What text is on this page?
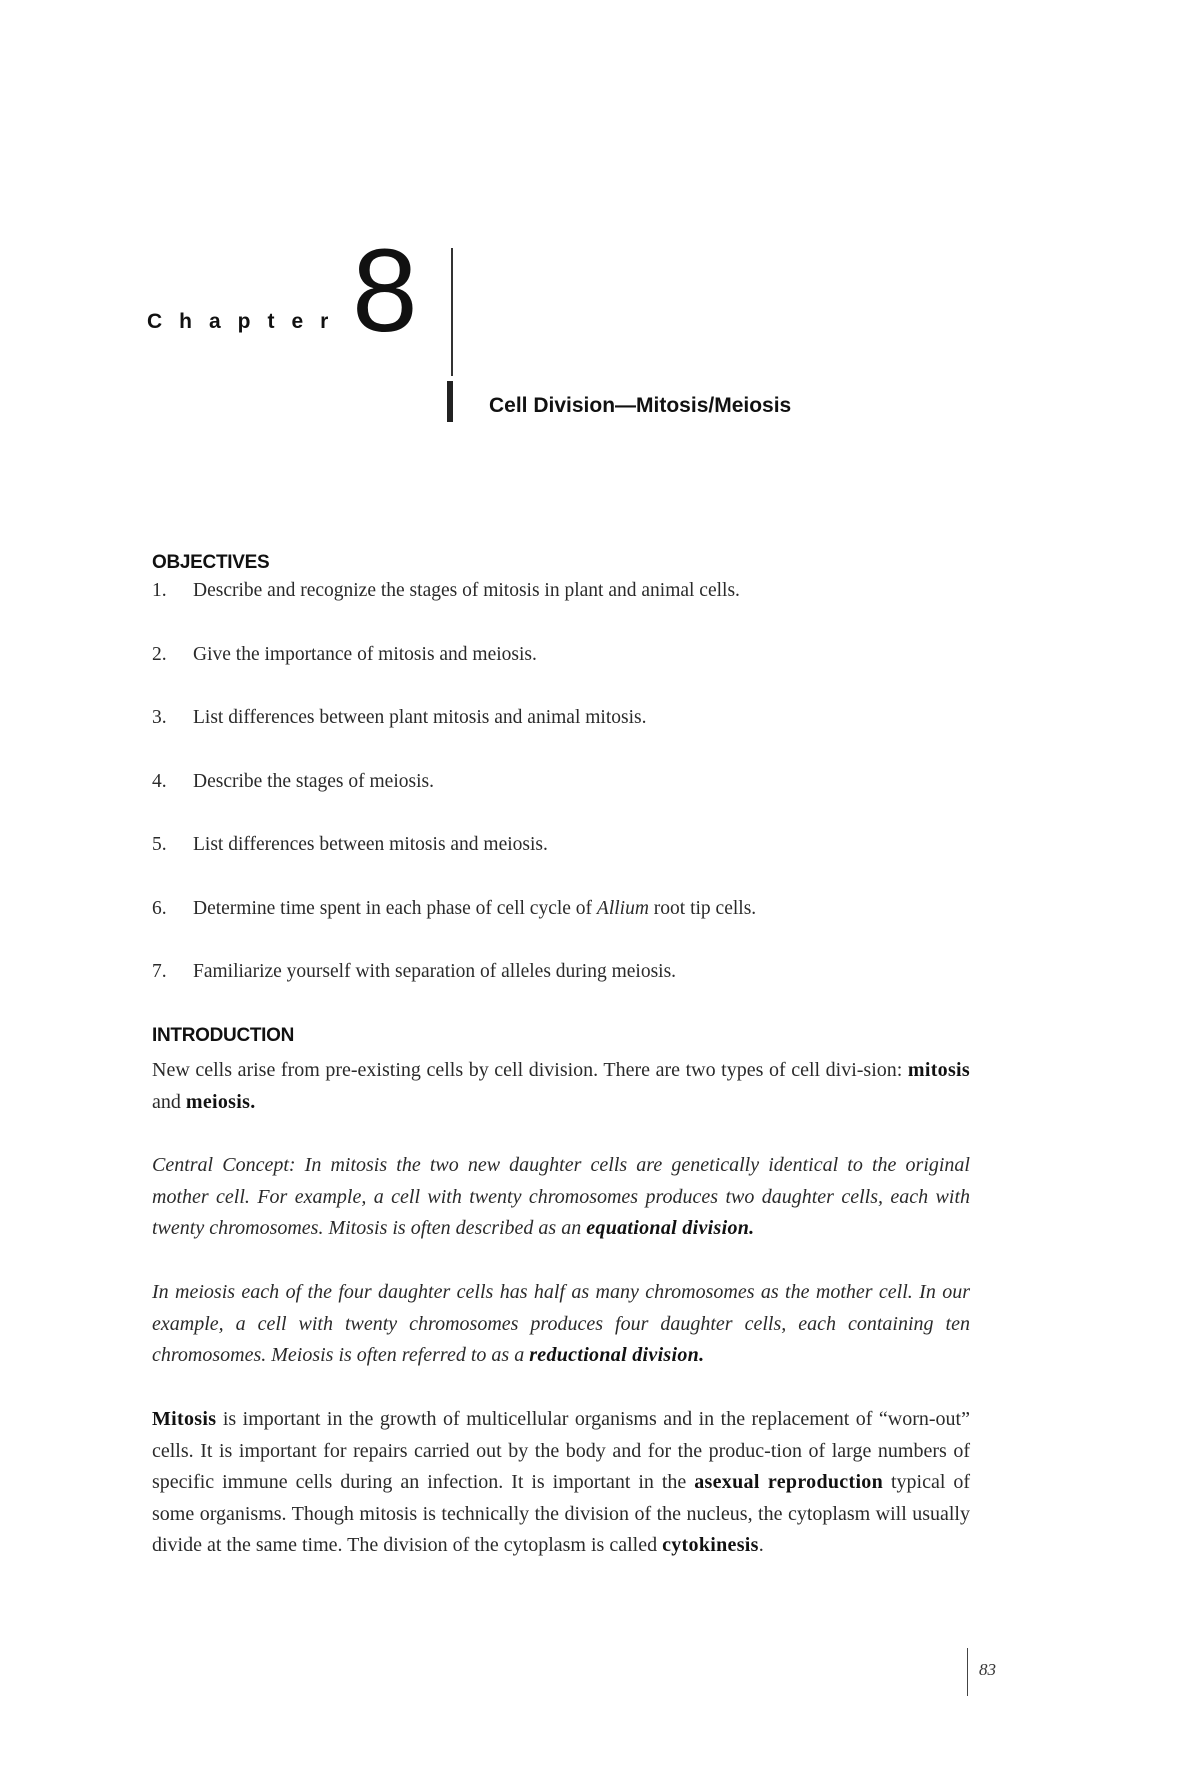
Chapter 8
Cell Division—Mitosis/Meiosis
OBJECTIVES
1. Describe and recognize the stages of mitosis in plant and animal cells.
2. Give the importance of mitosis and meiosis.
3. List differences between plant mitosis and animal mitosis.
4. Describe the stages of meiosis.
5. List differences between mitosis and meiosis.
6. Determine time spent in each phase of cell cycle of Allium root tip cells.
7. Familiarize yourself with separation of alleles during meiosis.
INTRODUCTION

New cells arise from pre-existing cells by cell division. There are two types of cell divi-sion: mitosis and meiosis.

Central Concept: In mitosis the two new daughter cells are genetically identical to the original mother cell. For example, a cell with twenty chromosomes produces two daughter cells, each with twenty chromosomes. Mitosis is often described as an equational division.

In meiosis each of the four daughter cells has half as many chromosomes as the mother cell. In our example, a cell with twenty chromosomes produces four daughter cells, each containing ten chromosomes. Meiosis is often referred to as a reductional division.

Mitosis is important in the growth of multicellular organisms and in the replacement of “worn-out” cells. It is important for repairs carried out by the body and for the produc-tion of large numbers of specific immune cells during an infection. It is important in the asexual reproduction typical of some organisms. Though mitosis is technically the division of the nucleus, the cytoplasm will usually divide at the same time. The division of the cytoplasm is called cytokinesis.

83
